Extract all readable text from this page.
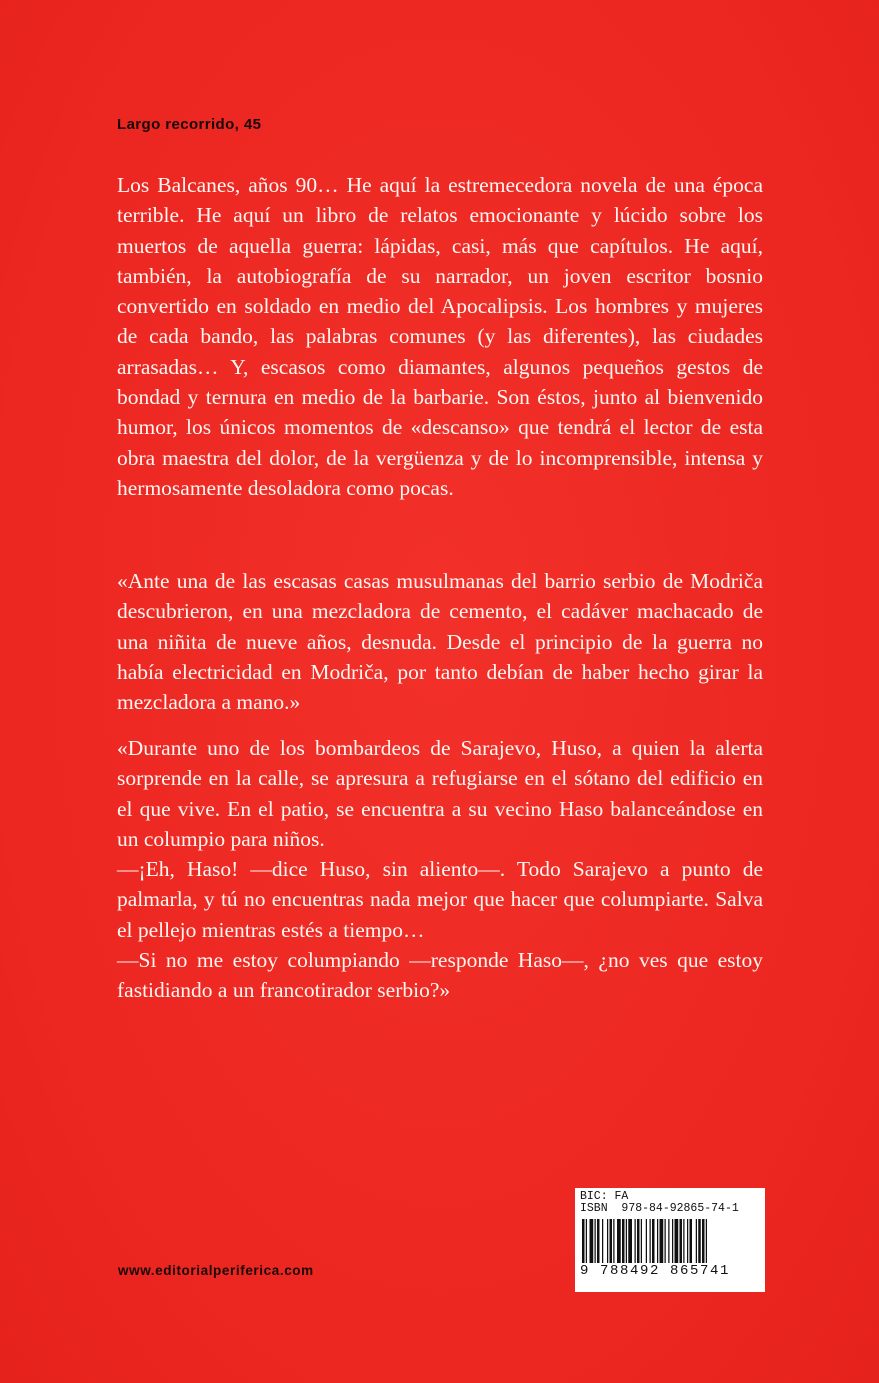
Largo recorrido, 45

Los Balcanes, años 90… He aquí la estremecedora novela de una época terrible. He aquí un libro de relatos emocionante y lúcido sobre los muertos de aquella guerra: lápidas, casi, más que capítulos. He aquí, también, la autobiografía de su narrador, un joven escritor bosnio convertido en soldado en medio del Apocalipsis. Los hombres y mujeres de cada bando, las palabras comunes (y las diferentes), las ciudades arrasadas… Y, escasos como diamantes, algunos pequeños gestos de bondad y ternura en medio de la barbarie. Son éstos, junto al bienvenido humor, los únicos momentos de «descanso» que tendrá el lector de esta obra maestra del dolor, de la vergüenza y de lo incomprensible, intensa y hermosamente desoladora como pocas.

«Ante una de las escasas casas musulmanas del barrio serbio de Modriča descubrieron, en una mezcladora de cemento, el cadáver machacado de una niñita de nueve años, desnuda. Desde el principio de la guerra no había electricidad en Modriča, por tanto debían de haber hecho girar la mezcladora a mano.»

«Durante uno de los bombardeos de Sarajevo, Huso, a quien la alerta sorprende en la calle, se apresura a refugiarse en el sótano del edificio en el que vive. En el patio, se encuentra a su vecino Haso balanceándose en un columpio para niños.

—¡Eh, Haso! —dice Huso, sin aliento—. Todo Sarajevo a punto de palmarla, y tú no encuentras nada mejor que hacer que columpiarte. Salva el pellejo mientras estés a tiempo…

—Si no me estoy columpiando —responde Haso—, ¿no ves que estoy fastidiando a un francotirador serbio?»

www.editorialperiferica.com
BIC: FA
ISBN 978-84-92865-74-1
9 788492 865741
